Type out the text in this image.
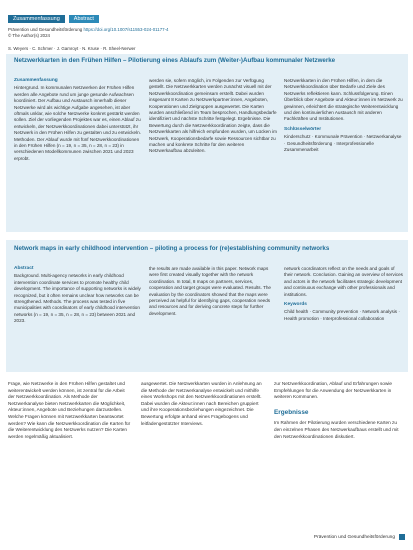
Zusammenfassung	Abstract
Prävention und Gesundheitsförderung https://doi.org/10.1007/s11553-024-01177-4
© The Author(s) 2024
S. Weyers · C. Schmer · J. Gamroyt · N. Kruse · R. Sheel-Nerwer
Netzwerkkarten in den Frühen Hilfen – Pilotierung eines Ablaufs zum (Weiter-)Aufbau kommunaler Netzwerke
Zusammenfassung

Hintergrund. In kommunalen Netzwerken der Frühen Hilfen werden alle Angebote rund um junge gesunde Aufwachsen koordiniert. Der Aufbau und Austausch innerhalb dieser Netzwerke wird als wichtige Aufgabe angesehen, ist aber oftmals unklar, wie solche Netzwerke konkret gestärkt werden sollen. Ziel der vorliegenden Projektes war es, einen Ablauf zu entwickeln, der Netzwerkkoordinationen dabei unterstützt, ihr Netzwerk in den Frühen Hilfen zu gestalten und zu entwickeln. Methoden. Der Ablauf wurde mit fünf Netzwerkkoordinationen in den Frühen Hilfen (n = 19, n = 35, n = 28, n = 23) in verschiedenen Modellkommunen zwischen 2021 und 2023 erprobt.

werden sie, sofern möglich, im Folgenden zur Verfügung gestellt. Die Netzwerkkarten werden zunächst visuell mit der Netzwerkkoordination gemeinsam erstellt. Dabei wurden insgesamt 8 Karten zu Netzwerkpartner:innen, Angeboten, Kooperationen und Zielgruppen ausgewertet. Die Karten wurden anschließend im Team besprochen, Handlungsbedarfe identifiziert und nächste Schritte festgelegt. Ergebnisse. Die Bewertung durch die Netzwerkkoordination zeigte, dass die Netzwerkkarten als hilfreich empfunden wurden, um Lücken im Netzwerk, Kooperationsbedarfe sowie Ressourcen sichtbar zu machen und konkrete Schritte für den weiteren Netzwerkaufbau abzuleiten.

Netzwerkkarten in den Frühen Hilfen, in dem die Netzwerkkoordination über Bedarfe und Ziele des Netzwerks reflektieren kann. Schlussfolgerung. Einen Überblick über Angebote und Akteur:innen im Netzwerk zu gewinnen, erleichtert die strategische Weiterentwicklung und den kontinuierlichen Austausch mit anderen Fachkräften und Institutionen.

Schlüsselwörter

Kinderschutz · Kommunale Prävention · Netzwerkanalyse · Gesundheitsförderung · Interprofessionelle Zusammenarbeit

Network maps in early childhood intervention – piloting a process for (re)establishing community networks
Abstract

Background. Multi-agency networks in early childhood intervention coordinate services to promote healthy child development. The importance of supporting networks is widely recognized, but it often remains unclear how networks can be strengthened. Methods. The process was tested in five municipalities with coordinators of early childhood intervention networks (n = 19, n = 35, n = 28, n = 23) between 2021 and 2023.

the results are made available in this paper. Network maps were first created visually together with the network coordination. In total, 8 maps on partners, services, cooperation and target groups were evaluated. Results. The evaluation by the coordinators showed that the maps were perceived as helpful for identifying gaps, cooperation needs and resources and for deriving concrete steps for further development.

network coordinators reflect on the needs and goals of their network. Conclusion. Gaining an overview of services and actors in the network facilitates strategic development and continuous exchange with other professionals and institutions.

Keywords

Child health · Community prevention · Network analysis · Health promotion · Interprofessional collaboration

Frage, wie Netzwerke in den Frühen Hilfen gestaltet und weiterentwickelt werden können, ist zentral für die Arbeit der Netzwerkkoordination. Als Methode der Netzwerkanalyse bieten Netzwerkkarten die Möglichkeit, Akteur:innen, Angebote und Beziehungen darzustellen. Welche Fragen können mit Netzwerkkarten beantwortet werden? Wie kann die Netzwerkkoordination die Karten für die Weiterentwicklung des Netzwerks nutzen? Die Karten werden regelmäßig aktualisiert.

ausgewertet. Die Netzwerkkarten wurden in Anlehnung an die Methode der Netzwerkanalyse entwickelt und mithilfe eines Workshops mit den Netzwerkkoordinationen erstellt. Dabei wurden die Akteur:innen nach Bereichen gruppiert und ihre Kooperationsbeziehungen eingezeichnet. Die Bewertung erfolgte anhand eines Fragebogens und leitfadengestützter Interviews.

zur Netzwerkkoordination, Ablauf und Erfahrungen sowie Empfehlungen für die Anwendung der Netzwerkkarten in weiteren Kommunen.

Ergebnisse

Im Rahmen der Pilotierung wurden verschiedene Karten zu den einzelnen Phasen des Netzwerkaufbaus erstellt und mit den Netzwerkkoordinationen diskutiert.

Prävention und Gesundheitsförderung
